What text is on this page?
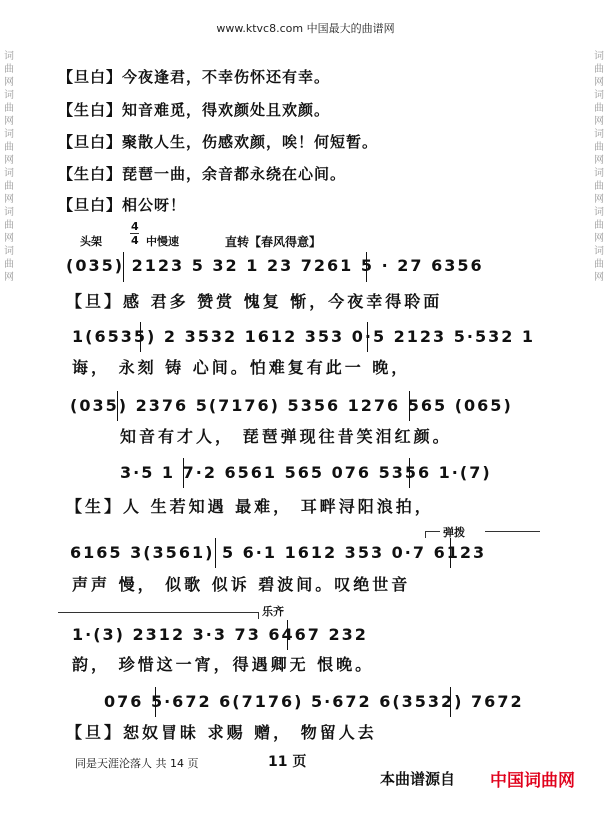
www.ktvc8.com 中国最大的曲谱网
词曲网词曲网词曲网词曲网词曲网词曲网
词曲网词曲网词曲网词曲网词曲网词曲网
【旦白】今夜逢君，不幸伤怀还有幸。
【生白】知音难觅，得欢颜处且欢颜。
【旦白】聚散人生，伤感欢颜，唉！何短暂。
【生白】琵琶一曲，余音都永绕在心间。
【旦白】相公呀！
头架
4
4 中慢速	直转【春风得意】
(035) 2123 5 32 1 23 7261 5 · 27 6356
【旦】感 君多 赞赏 愧复 惭，今夜幸得聆面
1(6535) 2 3532 1612 353 0·5 2123 5·532 1
诲， 永刻 铸 心间。怕难复有此一 晚，
(035) 2376 5(7176) 5356 1276 565 (065)
知音有才人， 琵琶弹现往昔笑泪红颜。
3·5 1 7·2 6561 565 076 5356 1·(7)
【生】人 生若知遇 最难， 耳畔浔阳浪拍，
弹拨
6165 3(3561) 5 6·1 1612 353 0·7 6123
声声 慢， 似歌 似诉 碧波间。叹绝世音
乐齐
1·(3) 2312 3·3 73 6467 232
韵， 珍惜这一宵，得遇卿无 恨晚。
076 5·672 6(7176) 5·672 6(3532) 7672
【旦】恕奴冒昧 求赐 赠， 物留人去
同是天涯沦落人 共 14 页	11 页
本曲谱源自 中国词曲网
